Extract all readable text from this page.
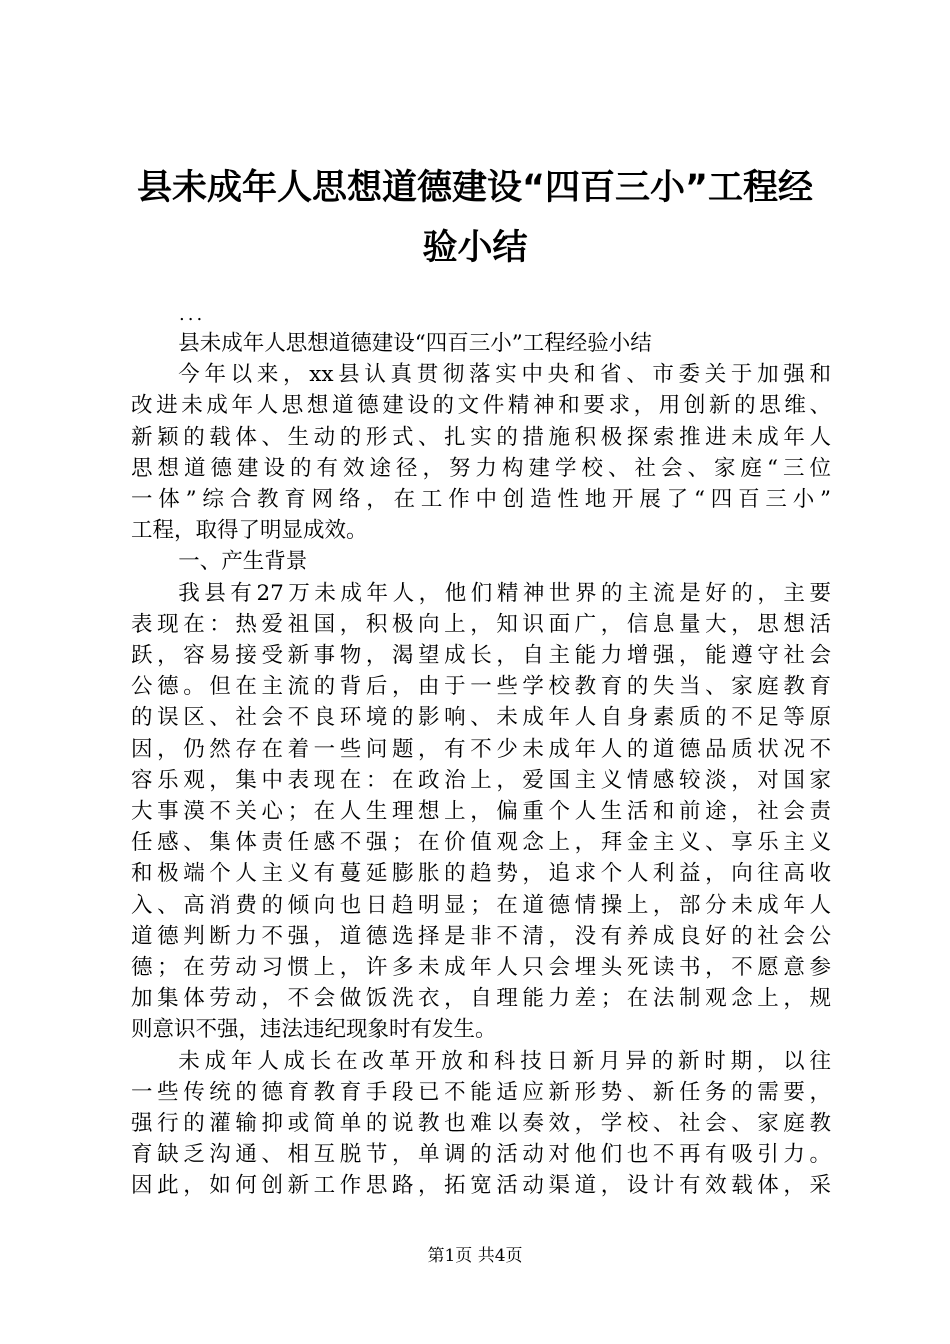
县未成年人思想道德建设“四百三小”工程经
验小结
...

县未成年人思想道德建设“四百三小”工程经验小结

今年以来，xx县认真贯彻落实中央和省、市委关于加强和
改进未成年人思想道德建设的文件精神和要求，用创新的思维、
新颖的载体、生动的形式、扎实的措施积极探索推进未成年人
思想道德建设的有效途径，努力构建学校、社会、家庭“三位
一体”综合教育网络，在工作中创造性地开展了“四百三小”
工程，取得了明显成效。

一、产生背景

我县有27万未成年人，他们精神世界的主流是好的，主要
表现在：热爱祖国，积极向上，知识面广，信息量大，思想活
跃，容易接受新事物，渴望成长，自主能力增强，能遵守社会
公德。但在主流的背后，由于一些学校教育的失当、家庭教育
的误区、社会不良环境的影响、未成年人自身素质的不足等原
因，仍然存在着一些问题，有不少未成年人的道德品质状况不
容乐观，集中表现在：在政治上，爱国主义情感较淡，对国家
大事漠不关心；在人生理想上，偏重个人生活和前途，社会责
任感、集体责任感不强；在价值观念上，拜金主义、享乐主义
和极端个人主义有蔓延膨胀的趋势，追求个人利益，向往高收
入、高消费的倾向也日趋明显；在道德情操上，部分未成年人
道德判断力不强，道德选择是非不清，没有养成良好的社会公
德；在劳动习惯上，许多未成年人只会埋头死读书，不愿意参
加集体劳动，不会做饭洗衣，自理能力差；在法制观念上，规
则意识不强，违法违纪现象时有发生。

未成年人成长在改革开放和科技日新月异的新时期，以往
一些传统的德育教育手段已不能适应新形势、新任务的需要，
强行的灌输抑或简单的说教也难以奏效，学校、社会、家庭教
育缺乏沟通、相互脱节，单调的活动对他们也不再有吸引力。
因此，如何创新工作思路，拓宽活动渠道，设计有效载体，采

第1页 共4页
